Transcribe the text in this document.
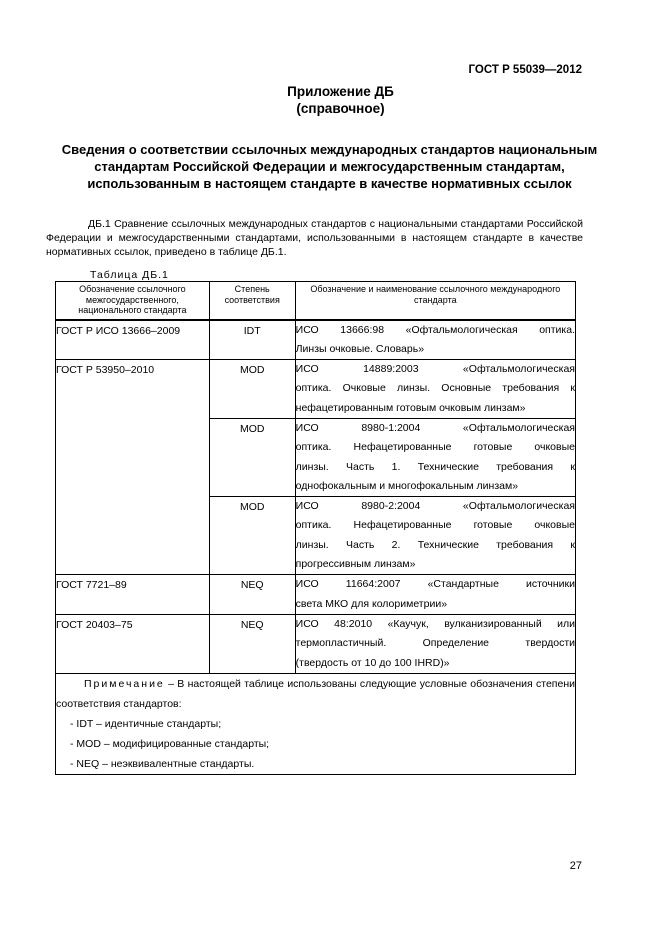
ГОСТ Р 55039—2012
Приложение ДБ
(справочное)
Сведения о соответствии ссылочных международных стандартов национальным стандартам Российской Федерации и межгосударственным стандартам, использованным в настоящем стандарте в качестве нормативных ссылок
ДБ.1 Сравнение ссылочных международных стандартов с национальными стандартами Российской Федерации и межгосударственными стандартами, использованными в настоящем стандарте в качестве нормативных ссылок, приведено в таблице ДБ.1.
Таблица ДБ.1
Обозначение ссылочного межгосударственного, национального стандарта	Степень соответствия	Обозначение и наименование ссылочного международного стандарта
ГОСТ Р ИСО 13666–2009	IDT	ИСО 13666:98 «Офтальмологическая оптика.
Линзы очковые. Словарь»

ГОСТ Р 53950–2010	MOD	ИСО 14889:2003 «Офтальмологическая
оптика. Очковые линзы. Основные требования к
нефацетированным готовым очковым линзам»

	MOD	ИСО 8980-1:2004 «Офтальмологическая
оптика. Нефацетированные готовые очковые
линзы. Часть 1. Технические требования к
однофокальным и многофокальным линзам»

	MOD	ИСО 8980-2:2004 «Офтальмологическая
оптика. Нефацетированные готовые очковые
линзы. Часть 2. Технические требования к
прогрессивным линзам»

ГОСТ 7721–89	NEQ	ИСО 11664:2007 «Стандартные источники
света МКО для колориметрии»

ГОСТ 20403–75	NEQ	ИСО 48:2010 «Каучук, вулканизированный или
термопластичный. Определение твердости
(твердость от 10 до 100 IHRD)»

Примечание – В настоящей таблице использованы следующие условные обозначения степени соответствия стандартов:
- IDT – идентичные стандарты;
- MOD – модифицированные стандарты;
- NEQ – неэквивалентные стандарты.		
27
